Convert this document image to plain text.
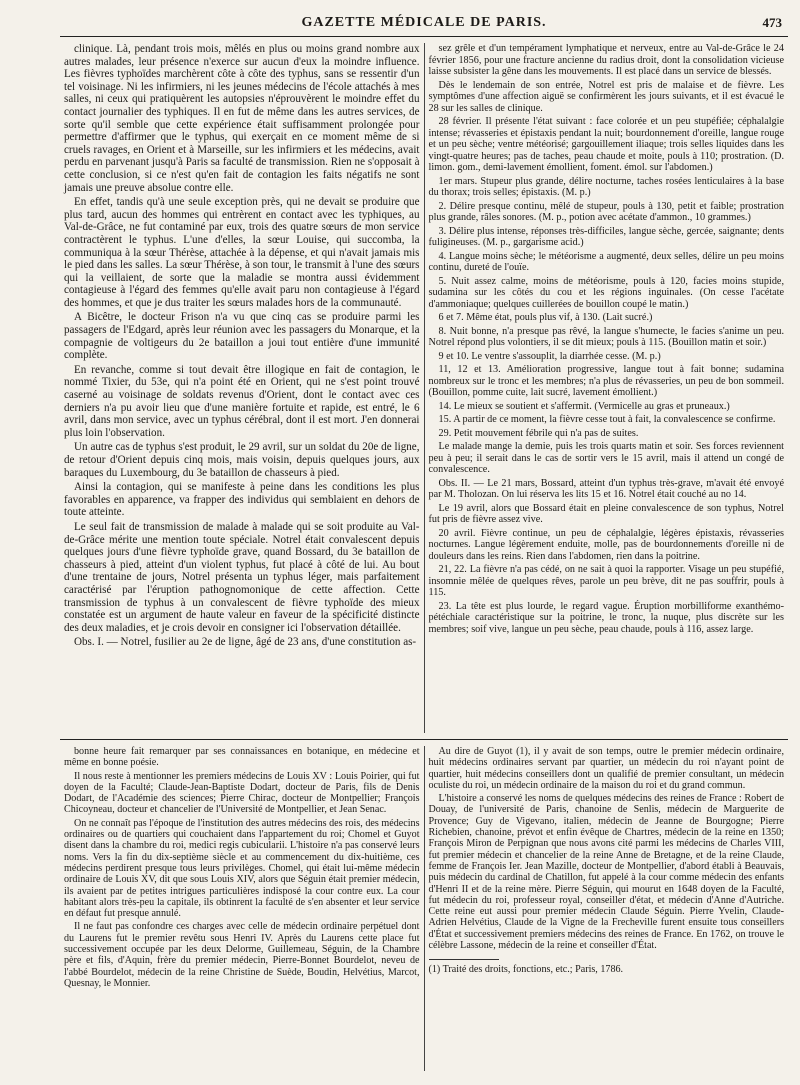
GAZETTE MÉDICALE DE PARIS.	473

clinique. Là, pendant trois mois, mêlés en plus ou moins grand nombre aux autres malades, leur présence n'exerce sur aucun d'eux la moindre influence. Les fièvres typhoïdes marchèrent côte à côte des typhus, sans se ressentir d'un tel voisinage. Ni les infirmiers, ni les jeunes médecins de l'école attachés à mes salles, ni ceux qui pratiquèrent les autopsies n'éprouvèrent le moindre effet du contact journalier des typhiques. Il en fut de même dans les autres services, de sorte qu'il semble que cette expérience était suffisamment prolongée pour permettre d'affirmer que le typhus, qui exerçait en ce moment même de si cruels ravages, en Orient et à Marseille, sur les infirmiers et les médecins, avait perdu en parvenant jusqu'à Paris sa faculté de transmission. Rien ne s'opposait à cette conclusion, si ce n'est qu'en fait de contagion les faits négatifs ne sont jamais une preuve absolue contre elle.

En effet, tandis qu'à une seule exception près, qui ne devait se produire que plus tard, aucun des hommes qui entrèrent en contact avec les typhiques, au Val-de-Grâce, ne fut contaminé par eux, trois des quatre sœurs de mon service contractèrent le typhus. L'une d'elles, la sœur Louise, qui succomba, la communiqua à la sœur Thérèse, attachée à la dépense, et qui n'avait jamais mis le pied dans les salles. La sœur Thérèse, à son tour, le transmit à l'une des sœurs qui la veillaient, de sorte que la maladie se montra aussi évidemment contagieuse à l'égard des femmes qu'elle avait paru non contagieuse à l'égard des hommes, et que je dus traiter les sœurs malades hors de la communauté.

A Bicêtre, le docteur Frison n'a vu que cinq cas se produire parmi les passagers de l'Edgard, après leur réunion avec les passagers du Monarque, et la compagnie de voltigeurs du 2e bataillon a joui tout entière d'une immunité complète.

En revanche, comme si tout devait être illogique en fait de contagion, le nommé Tixier, du 53e, qui n'a point été en Orient, qui ne s'est point trouvé caserné au voisinage de soldats revenus d'Orient, dont le contact avec ces derniers n'a pu avoir lieu que d'une manière fortuite et rapide, est entré, le 6 avril, dans mon service, avec un typhus cérébral, dont il est mort. J'en donnerai plus loin l'observation.

Un autre cas de typhus s'est produit, le 29 avril, sur un soldat du 20e de ligne, de retour d'Orient depuis cinq mois, mais voisin, depuis quelques jours, aux baraques du Luxembourg, du 3e bataillon de chasseurs à pied.

Ainsi la contagion, qui se manifeste à peine dans les conditions les plus favorables en apparence, va frapper des individus qui semblaient en dehors de toute atteinte.

Le seul fait de transmission de malade à malade qui se soit produite au Val-de-Grâce mérite une mention toute spéciale. Notrel était convalescent depuis quelques jours d'une fièvre typhoïde grave, quand Bossard, du 3e bataillon de chasseurs à pied, atteint d'un violent typhus, fut placé à côté de lui. Au bout d'une trentaine de jours, Notrel présenta un typhus léger, mais parfaitement caractérisé par l'éruption pathognomonique de cette affection. Cette transmission de typhus à un convalescent de fièvre typhoïde des mieux constatée est un argument de haute valeur en faveur de la spécificité distincte des deux maladies, et je crois devoir en consigner ici l'observation détaillée.

Obs. I. — Notrel, fusilier au 2e de ligne, âgé de 23 ans, d'une constitution as-

sez grêle et d'un tempérament lymphatique et nerveux, entre au Val-de-Grâce le 24 février 1856, pour une fracture ancienne du radius droit, dont la consolidation vicieuse laisse subsister la gêne dans les mouvements. Il est placé dans un service de blessés.

Dès le lendemain de son entrée, Notrel est pris de malaise et de fièvre. Les symptômes d'une affection aiguë se confirmèrent les jours suivants, et il est évacué le 28 sur les salles de clinique.

28 février. Il présente l'état suivant : face colorée et un peu stupéfiée; céphalalgie intense; révasseries et épistaxis pendant la nuit; bourdonnement d'oreille, langue rouge et un peu sèche; ventre météorisé; gargouillement iliaque; trois selles liquides dans les vingt-quatre heures; pas de taches, peau chaude et moite, pouls à 110; prostration. (D. limon. gom., demi-lavement émollient, foment. émol. sur l'abdomen.)

1er mars. Stupeur plus grande, délire nocturne, taches rosées lenticulaires à la base du thorax; trois selles; épistaxis. (M. p.)

2. Délire presque continu, mêlé de stupeur, pouls à 130, petit et faible; prostration plus grande, râles sonores. (M. p., potion avec acétate d'ammon., 10 grammes.)

3. Délire plus intense, réponses très-difficiles, langue sèche, gercée, saignante; dents fuligineuses. (M. p., gargarisme acid.)

4. Langue moins sèche; le météorisme a augmenté, deux selles, délire un peu moins continu, dureté de l'ouïe.

5. Nuit assez calme, moins de météorisme, pouls à 120, facies moins stupide, sudamina sur les côtés du cou et les régions inguinales. (On cesse l'acétate d'ammoniaque; quelques cuillerées de bouillon coupé le matin.)

6 et 7. Même état, pouls plus vif, à 130. (Lait sucré.)

8. Nuit bonne, n'a presque pas rêvé, la langue s'humecte, le facies s'anime un peu. Notrel répond plus volontiers, il se dit mieux; pouls à 115. (Bouillon matin et soir.)

9 et 10. Le ventre s'assouplit, la diarrhée cesse. (M. p.)

11, 12 et 13. Amélioration progressive, langue tout à fait bonne; sudamina nombreux sur le tronc et les membres; n'a plus de révasseries, un peu de bon sommeil. (Bouillon, pomme cuite, lait sucré, lavement émollient.)

14. Le mieux se soutient et s'affermit. (Vermicelle au gras et pruneaux.)

15. A partir de ce moment, la fièvre cesse tout à fait, la convalescence se confirme.

29. Petit mouvement fébrile qui n'a pas de suites.

Le malade mange la demie, puis les trois quarts matin et soir. Ses forces reviennent peu à peu; il serait dans le cas de sortir vers le 15 avril, mais il attend un congé de convalescence.

Obs. II. — Le 21 mars, Bossard, atteint d'un typhus très-grave, m'avait été envoyé par M. Tholozan. On lui réserva les lits 15 et 16. Notrel était couché au no 14.

Le 19 avril, alors que Bossard était en pleine convalescence de son typhus, Notrel fut pris de fièvre assez vive.

20 avril. Fièvre continue, un peu de céphalalgie, légères épistaxis, révasseries nocturnes. Langue légèrement enduite, molle, pas de bourdonnements d'oreille ni de douleurs dans les reins. Rien dans l'abdomen, rien dans la poitrine.

21, 22. La fièvre n'a pas cédé, on ne sait à quoi la rapporter. Visage un peu stupéfié, insomnie mêlée de quelques rêves, parole un peu brève, dit ne pas souffrir, pouls à 115.

23. La tête est plus lourde, le regard vague. Éruption morbilliforme exanthémo-pétéchiale caractéristique sur la poitrine, le tronc, la nuque, plus discrète sur les membres; soif vive, langue un peu sèche, peau chaude, pouls à 116, assez large.

bonne heure fait remarquer par ses connaissances en botanique, en médecine et même en bonne poésie.

Il nous reste à mentionner les premiers médecins de Louis XV : Louis Poirier, qui fut doyen de la Faculté; Claude-Jean-Baptiste Dodart, docteur de Paris, fils de Denis Dodart, de l'Académie des sciences; Pierre Chirac, docteur de Montpellier; François Chicoyneau, docteur et chancelier de l'Université de Montpellier, et Jean Senac.

On ne connaît pas l'époque de l'institution des autres médecins des rois, des médecins ordinaires ou de quartiers qui couchaient dans l'appartement du roi; Chomel et Guyot disent dans la chambre du roi, medici regis cubicularii. L'histoire n'a pas conservé leurs noms. Vers la fin du dix-septième siècle et au commencement du dix-huitième, ces médecins perdirent presque tous leurs privilèges. Chomel, qui était lui-même médecin ordinaire de Louis XV, dit que sous Louis XIV, alors que Séguin était premier médecin, ils avaient par de petites intrigues particulières indisposé la cour contre eux. La cour habitant alors très-peu la capitale, ils obtinrent la faculté de s'en absenter et leur service en défaut fut presque annulé.

Il ne faut pas confondre ces charges avec celle de médecin ordinaire perpétuel dont du Laurens fut le premier revêtu sous Henri IV. Après du Laurens cette place fut successivement occupée par les deux Delorme, Guillemeau, Séguin, de la Chambre père et fils, d'Aquin, frère du premier médecin, Pierre-Bonnet Bourdelot, neveu de l'abbé Bourdelot, médecin de la reine Christine de Suède, Boudin, Helvétius, Marcot, Quesnay, le Monnier.

Au dire de Guyot (1), il y avait de son temps, outre le premier médecin ordinaire, huit médecins ordinaires servant par quartier, un médecin du roi n'ayant point de quartier, huit médecins conseillers dont un qualifié de premier consultant, un médecin oculiste du roi, un médecin ordinaire de la maison du roi et du grand commun.

L'histoire a conservé les noms de quelques médecins des reines de France : Robert de Douay, de l'université de Paris, chanoine de Senlis, médecin de Marguerite de Provence; Guy de Vigevano, italien, médecin de Jeanne de Bourgogne; Pierre Richebien, chanoine, prévot et enfin évêque de Chartres, médecin de la reine en 1350; François Miron de Perpignan que nous avons cité parmi les médecins de Charles VIII, fut premier médecin et chancelier de la reine Anne de Bretagne, et de la reine Claude, femme de François Ier. Jean Mazille, docteur de Montpellier, d'abord établi à Beauvais, puis médecin du cardinal de Chatillon, fut appelé à la cour comme médecin des enfants d'Henri II et de la reine mère. Pierre Séguin, qui mourut en 1648 doyen de la Faculté, fut médecin du roi, professeur royal, conseiller d'état, et médecin d'Anne d'Autriche. Cette reine eut aussi pour premier médecin Claude Séguin. Pierre Yvelin, Claude-Adrien Helvétius, Claude de la Vigne de la Frecheville furent ensuite tous conseillers d'État et successivement premiers médecins des reines de France. En 1762, on trouve le célèbre Lassone, médecin de la reine et conseiller d'État.

(1) Traité des droits, fonctions, etc.; Paris, 1786.
